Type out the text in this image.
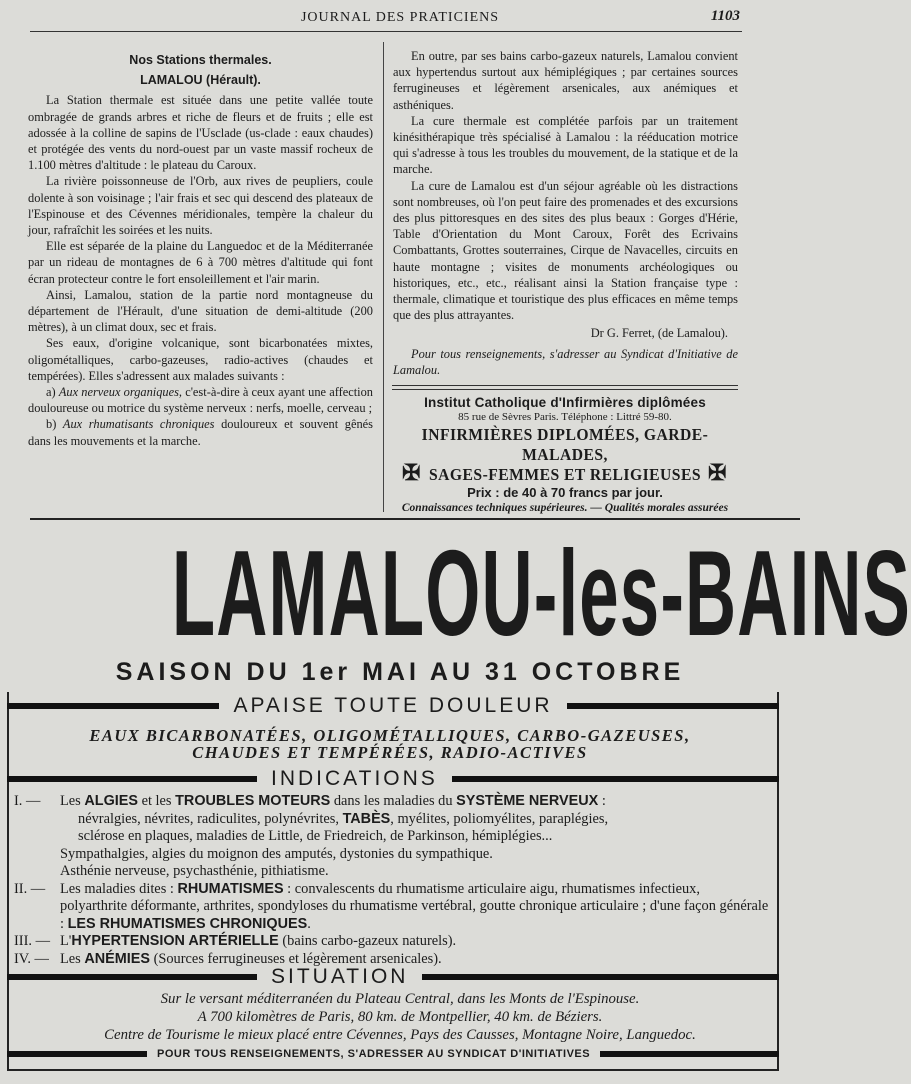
JOURNAL DES PRATICIENS	1103

Nos Stations thermales.

LAMALOU (Hérault).

La Station thermale est située dans une petite vallée toute ombragée de grands arbres et riche de fleurs et de fruits ; elle est adossée à la colline de sapins de l'Usclade (us-clade : eaux chaudes) et protégée des vents du nord-ouest par un vaste massif rocheux de 1.100 mètres d'altitude : le plateau du Caroux.

La rivière poissonneuse de l'Orb, aux rives de peupliers, coule dolente à son voisinage ; l'air frais et sec qui descend des plateaux de l'Espinouse et des Cévennes méridionales, tempère la chaleur du jour, rafraîchit les soirées et les nuits.

Elle est séparée de la plaine du Languedoc et de la Méditerranée par un rideau de montagnes de 6 à 700 mètres d'altitude qui font écran protecteur contre le fort ensoleillement et l'air marin.

Ainsi, Lamalou, station de la partie nord montagneuse du département de l'Hérault, d'une situation de demi-altitude (200 mètres), à un climat doux, sec et frais.

Ses eaux, d'origine volcanique, sont bicarbonatées mixtes, oligométalliques, carbo-gazeuses, radio-actives (chaudes et tempérées). Elles s'adressent aux malades suivants :

a) Aux nerveux organiques, c'est-à-dire à ceux ayant une affection douloureuse ou motrice du système nerveux : nerfs, moelle, cerveau ;

b) Aux rhumatisants chroniques douloureux et souvent gênés dans les mouvements et la marche.

En outre, par ses bains carbo-gazeux naturels, Lamalou convient aux hypertendus surtout aux hémiplégiques ; par certaines sources ferrugineuses et légèrement arsenicales, aux anémiques et asthéniques.

La cure thermale est complétée parfois par un traitement kinésithérapique très spécialisé à Lamalou : la rééducation motrice qui s'adresse à tous les troubles du mouvement, de la statique et de la marche.

La cure de Lamalou est d'un séjour agréable où les distractions sont nombreuses, où l'on peut faire des promenades et des excursions des plus pittoresques en des sites des plus beaux : Gorges d'Hérie, Table d'Orientation du Mont Caroux, Forêt des Ecrivains Combattants, Grottes souterraines, Cirque de Navacelles, circuits en haute montagne ; visites de monuments archéologiques ou historiques, etc., etc., réalisant ainsi la Station française type : thermale, climatique et touristique des plus efficaces en même temps que des plus attrayantes.

Dr G. Ferret, (de Lamalou).

Pour tous renseignements, s'adresser au Syndicat d'Initiative de Lamalou.

Institut Catholique d'Infirmières diplômées
85 rue de Sèvres Paris. Téléphone : Littré 59-80.
INFIRMIÈRES DIPLOMÉES, GARDE-MALADES,
SAGES-FEMMES ET RELIGIEUSES
Prix : de 40 à 70 francs par jour.
Connaissances techniques supérieures. — Qualités morales assurées
✠	✠
LAMALOU-les-BAINS
SAISON DU 1er MAI AU 31 OCTOBRE
APAISE TOUTE DOULEUR
EAUX BICARBONATÉES, OLIGOMÉTALLIQUES, CARBO-GAZEUSES,
CHAUDES ET TEMPÉRÉES, RADIO-ACTIVES
INDICATIONS
I. —	Les ALGIES et les TROUBLES MOTEURS dans les maladies du SYSTÈME NERVEUX :
névralgies, névrites, radiculites, polynévrites, TABÈS, myélites, poliomyélites, paraplégies,
sclérose en plaques, maladies de Little, de Friedreich, de Parkinson, hémiplégies...
Sympathalgies, algies du moignon des amputés, dystonies du sympathique.
Asthénie nerveuse, psychasthénie, pithiatisme.
II. —	Les maladies dites : RHUMATISMES : convalescents du rhumatisme articulaire aigu, rhumatismes infectieux, polyarthrite déformante, arthrites, spondyloses du rhumatisme vertébral, goutte chronique articulaire ; d'une façon générale : LES RHUMATISMES CHRONIQUES.
III. — L'HYPERTENSION ARTÉRIELLE (bains carbo-gazeux naturels).
IV. — Les ANÉMIES (Sources ferrugineuses et légèrement arsenicales).
SITUATION
Sur le versant méditerranéen du Plateau Central, dans les Monts de l'Espinouse.
A 700 kilomètres de Paris, 80 km. de Montpellier, 40 km. de Béziers.
Centre de Tourisme le mieux placé entre Cévennes, Pays des Causses, Montagne Noire, Languedoc.
POUR TOUS RENSEIGNEMENTS, S'ADRESSER AU SYNDICAT D'INITIATIVES
